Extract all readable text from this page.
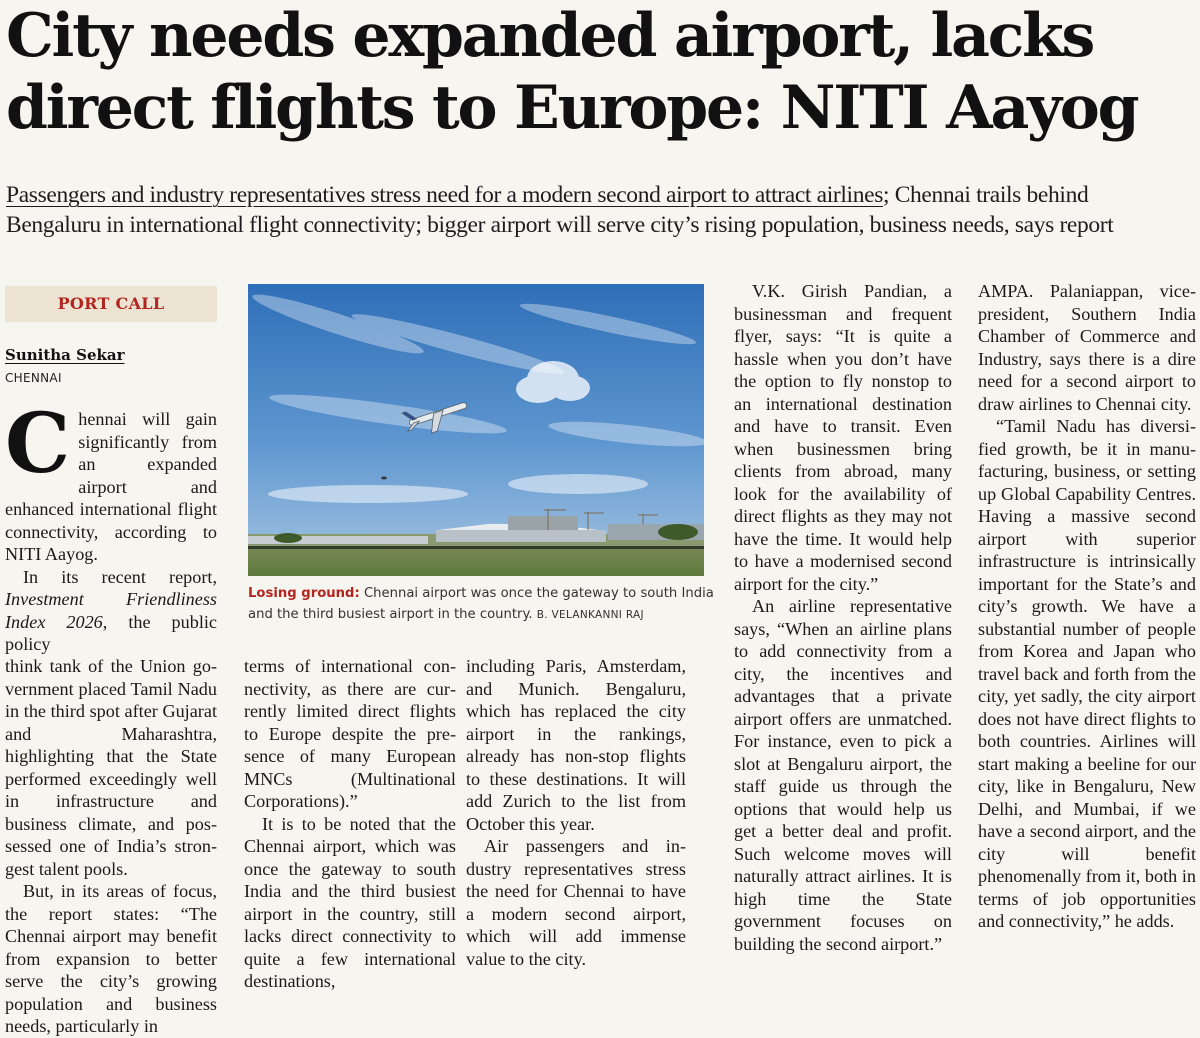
City needs expanded airport, lacks
direct flights to Europe: NITI Aayog
Passengers and industry representatives stress need for a modern second airport to attract airlines; Chennai trails behind
Bengaluru in international flight connectivity; bigger airport will serve city’s rising population, business needs, says report
PORT CALL
Sunitha Sekar
CHENNAI

Chennai will gain significantly from an expanded airport and enhanced international flight connectivity, according to NITI Aayog.

In its recent report, Investment Friendliness Index 2026, the public policy

Losing ground: Chennai airport was once the gateway to south India and the third busiest airport in the country. B. VELANKANNI RAJ

think tank of the Union government placed Tamil Nadu in the third spot after Gujarat and Maharashtra, highlighting that the State performed exceedingly well in infrastructure and business climate, and possessed one of India’s strongest talent pools.

But, in its areas of focus, the report states: “The Chennai airport may benefit from expansion to better serve the city’s growing population and business needs, particularly in

terms of international connectivity, as there are currently limited direct flights to Europe despite the presence of many European MNCs (Multinational Corporations).”

It is to be noted that the Chennai airport, which was once the gateway to south India and the third busiest airport in the country, still lacks direct connectivity to quite a few international destinations,

including Paris, Amsterdam, and Munich. Bengaluru, which has replaced the city airport in the rankings, already has non-stop flights to these destinations. It will add Zurich to the list from October this year.

Air passengers and industry representatives stress the need for Chennai to have a modern second airport, which will add immense value to the city.

V.K. Girish Pandian, a businessman and frequent flyer, says: “It is quite a hassle when you don’t have the option to fly nonstop to an international destination and have to transit. Even when businessmen bring clients from abroad, many look for the availability of direct flights as they may not have the time. It would help to have a modernised second airport for the city.”

An airline representative says, “When an airline plans to add connectivity from a city, the incentives and advantages that a private airport offers are unmatched. For instance, even to pick a slot at Bengaluru airport, the staff guide us through the options that would help us get a better deal and profit. Such welcome moves will naturally attract airlines. It is high time the State government focuses on building the second airport.”

AMPA. Palaniappan, vice-president, Southern India Chamber of Commerce and Industry, says there is a dire need for a second airport to draw airlines to Chennai city.

“Tamil Nadu has diversified growth, be it in manufacturing, business, or setting up Global Capability Centres. Having a massive second airport with superior infrastructure is intrinsically important for the State’s and city’s growth. We have a substantial number of people from Korea and Japan who travel back and forth from the city, yet sadly, the city airport does not have direct flights to both countries. Airlines will start making a beeline for our city, like in Bengaluru, New Delhi, and Mumbai, if we have a second airport, and the city will benefit phenomenally from it, both in terms of job opportunities and connectivity,” he adds.
